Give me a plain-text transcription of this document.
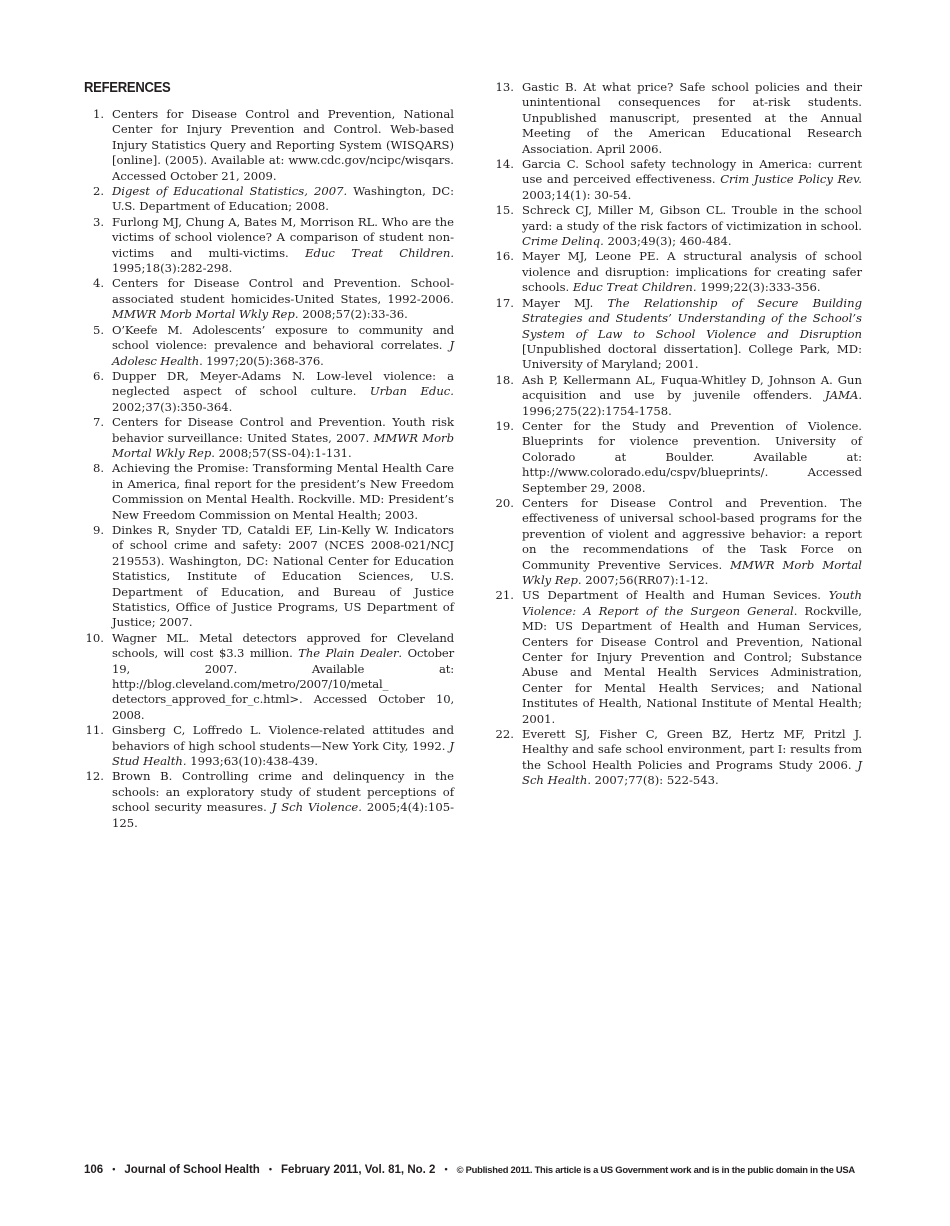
REFERENCES
1. Centers for Disease Control and Prevention, National Center for Injury Prevention and Control. Web-based Injury Statistics Query and Reporting System (WISQARS) [online]. (2005). Available at: www.cdc.gov/ncipc/wisqars. Accessed October 21, 2009.
2. Digest of Educational Statistics, 2007. Washington, DC: U.S. Department of Education; 2008.
3. Furlong MJ, Chung A, Bates M, Morrison RL. Who are the victims of school violence? A comparison of student non-victims and multi-victims. Educ Treat Children. 1995;18(3):282-298.
4. Centers for Disease Control and Prevention. School-associated student homicides-United States, 1992-2006. MMWR Morb Mortal Wkly Rep. 2008;57(2):33-36.
5. O’Keefe M. Adolescents’ exposure to community and school violence: prevalence and behavioral correlates. J Adolesc Health. 1997;20(5):368-376.
6. Dupper DR, Meyer-Adams N. Low-level violence: a neglected aspect of school culture. Urban Educ. 2002;37(3):350-364.
7. Centers for Disease Control and Prevention. Youth risk behavior surveillance: United States, 2007. MMWR Morb Mortal Wkly Rep. 2008;57(SS-04):1-131.
8. Achieving the Promise: Transforming Mental Health Care in America, final report for the president’s New Freedom Commission on Mental Health. Rockville. MD: President’s New Freedom Commission on Mental Health; 2003.
9. Dinkes R, Snyder TD, Cataldi EF, Lin-Kelly W. Indicators of school crime and safety: 2007 (NCES 2008-021/NCJ 219553). Washington, DC: National Center for Education Statistics, Institute of Education Sciences, U.S. Department of Education, and Bureau of Justice Statistics, Office of Justice Programs, US Department of Justice; 2007.
10. Wagner ML. Metal detectors approved for Cleveland schools, will cost $3.3 million. The Plain Dealer. October 19, 2007. Available at: http://blog.cleveland.com/metro/2007/10/metal_ detectors_approved_for_c.html>. Accessed October 10, 2008.
11. Ginsberg C, Loffredo L. Violence-related attitudes and behaviors of high school students—New York City, 1992. J Stud Health. 1993;63(10):438-439.
12. Brown B. Controlling crime and delinquency in the schools: an exploratory study of student perceptions of school security measures. J Sch Violence. 2005;4(4):105-125.
13. Gastic B. At what price? Safe school policies and their unintentional consequences for at-risk students. Unpublished manuscript, presented at the Annual Meeting of the American Educational Research Association. April 2006.
14. Garcia C. School safety technology in America: current use and perceived effectiveness. Crim Justice Policy Rev. 2003;14(1): 30-54.
15. Schreck CJ, Miller M, Gibson CL. Trouble in the school yard: a study of the risk factors of victimization in school. Crime Delinq. 2003;49(3); 460-484.
16. Mayer MJ, Leone PE. A structural analysis of school violence and disruption: implications for creating safer schools. Educ Treat Children. 1999;22(3):333-356.
17. Mayer MJ. The Relationship of Secure Building Strategies and Students’ Understanding of the School’s System of Law to School Violence and Disruption [Unpublished doctoral dissertation]. College Park, MD: University of Maryland; 2001.
18. Ash P, Kellermann AL, Fuqua-Whitley D, Johnson A. Gun acquisition and use by juvenile offenders. JAMA. 1996;275(22):1754-1758.
19. Center for the Study and Prevention of Violence. Blueprints for violence prevention. University of Colorado at Boulder. Available at: http://www.colorado.edu/cspv/blueprints/. Accessed September 29, 2008.
20. Centers for Disease Control and Prevention. The effectiveness of universal school-based programs for the prevention of violent and aggressive behavior: a report on the recommendations of the Task Force on Community Preventive Services. MMWR Morb Mortal Wkly Rep. 2007;56(RR07):1-12.
21. US Department of Health and Human Sevices. Youth Violence: A Report of the Surgeon General. Rockville, MD: US Department of Health and Human Services, Centers for Disease Control and Prevention, National Center for Injury Prevention and Control; Substance Abuse and Mental Health Services Administration, Center for Mental Health Services; and National Institutes of Health, National Institute of Mental Health; 2001.
22. Everett SJ, Fisher C, Green BZ, Hertz MF, Pritzl J. Healthy and safe school environment, part I: results from the School Health Policies and Programs Study 2006. J Sch Health. 2007;77(8): 522-543.
106 • Journal of School Health • February 2011, Vol. 81, No. 2 • © Published 2011. This article is a US Government work and is in the public domain in the USA
